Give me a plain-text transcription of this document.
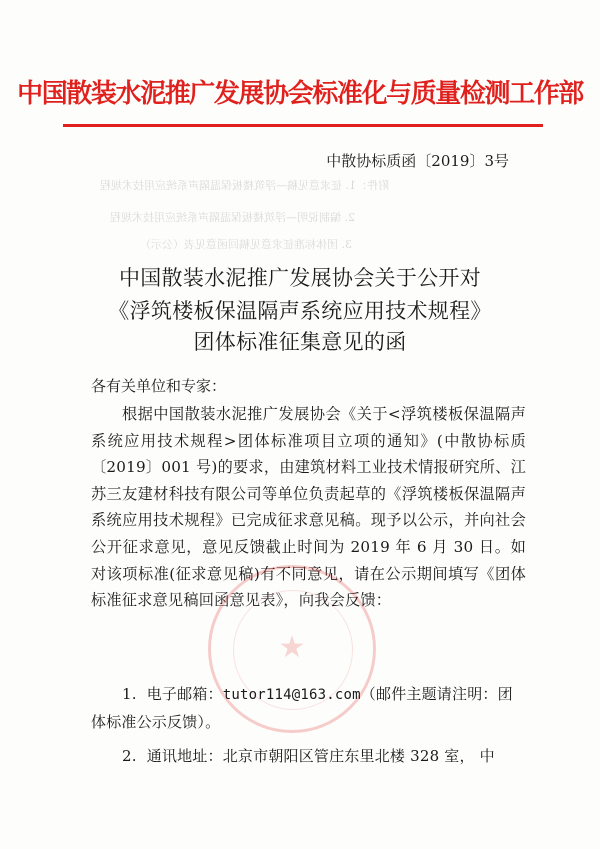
中国散装水泥推广发展协会标准化与质量检测工作部
中散协标质函〔2019〕3号
附件：1. 征求意见稿—浮筑楼板保温隔声系统应用技术规程
2. 编制说明—浮筑楼板保温隔声系统应用技术规程
3. 团体标准征求意见稿回函意见表（公示）
中国散装水泥推广发展协会关于公开对
《浮筑楼板保温隔声系统应用技术规程》
团体标准征集意见的函
各有关单位和专家：
根据中国散装水泥推广发展协会《关于<浮筑楼板保温隔声系统应用技术规程>团体标准项目立项的通知》(中散协标质〔2019〕001 号)的要求，由建筑材料工业技术情报研究所、江苏三友建材科技有限公司等单位负责起草的《浮筑楼板保温隔声系统应用技术规程》已完成征求意见稿。现予以公示，并向社会公开征求意见，意见反馈截止时间为 2019 年 6 月 30 日。如对该项标准(征求意见稿)有不同意见，请在公示期间填写《团体标准征求意见稿回函意见表》，向我会反馈：
★
1. 电子邮箱：tutor114@163.com（邮件主题请注明：团体标准公示反馈）。
2. 通讯地址：北京市朝阳区管庄东里北楼 328 室， 中
